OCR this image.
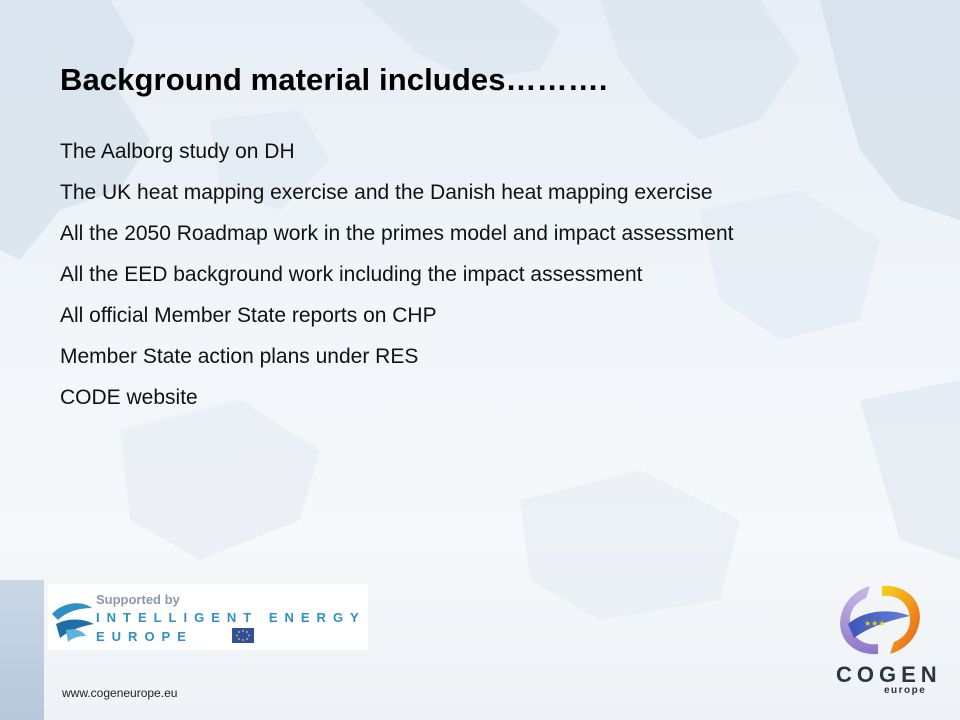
Background material includes……….
The Aalborg study on DH
The UK heat mapping exercise and the Danish heat mapping exercise
All the 2050 Roadmap work in the primes model and impact assessment
All the EED background work including the impact assessment
All official Member State reports on CHP
Member State action plans under RES
CODE website
Supported by
INTELLIGENT ENERGY
EUROPE
www.cogeneurope.eu
★★★
COGEN
europe
